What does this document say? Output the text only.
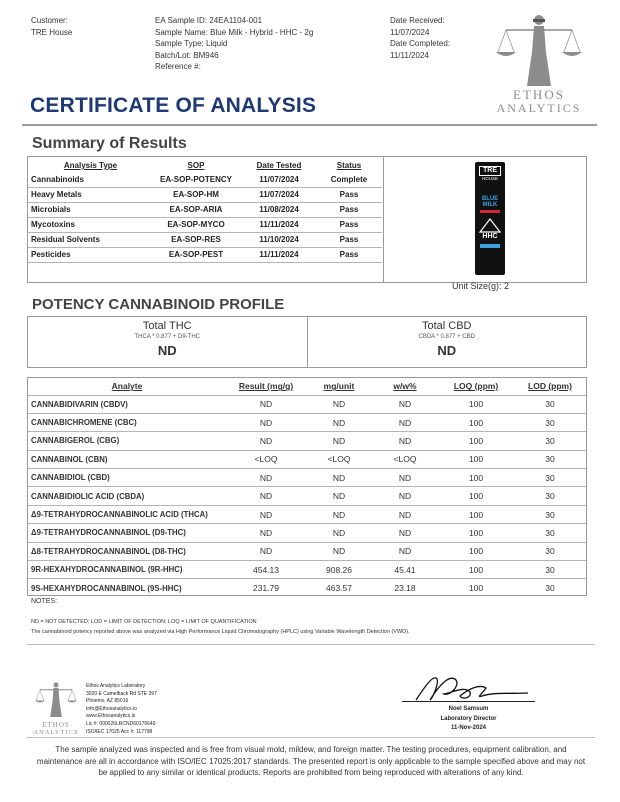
Customer:
TRE House
EA Sample ID: 24EA1104-001
Sample Name: Blue Milk - Hybrid - HHC - 2g
Sample Type: Liquid
Batch/Lot: BM946
Reference #:
Date Received:
11/07/2024
Date Completed:
11/11/2024
ETHOS
ANALYTICS
CERTIFICATE OF ANALYSIS
Summary of Results
Analysis Type	SOP	Date Tested	Status
Cannabinoids	EA-SOP-POTENCY	11/07/2024	Complete
Heavy Metals	EA-SOP-HM	11/07/2024	Pass
Microbials	EA-SOP-ARIA	11/08/2024	Pass
Mycotoxins	EA-SOP-MYCO	11/11/2024	Pass
Residual Solvents	EA-SOP-RES	11/10/2024	Pass
Pesticides	EA-SOP-PEST	11/11/2024	Pass
TRE
HOUSE
BLUE
MILK
HHC
Unit Size(g): 2
POTENCY CANNABINOID PROFILE
Total THC
THCA * 0.877 + D9-THC
ND
Total CBD
CBDA * 0.877 + CBD
ND
Analyte	Result (mg/g)	mg/unit	w/w%	LOQ (ppm)	LOD (ppm)
CANNABIDIVARIN (CBDV)	ND	ND	ND	100	30
CANNABICHROMENE (CBC)	ND	ND	ND	100	30
CANNABIGEROL (CBG)	ND	ND	ND	100	30
CANNABINOL (CBN)	<LOQ	<LOQ	<LOQ	100	30
CANNABIDIOL (CBD)	ND	ND	ND	100	30
CANNABIDIOLIC ACID (CBDA)	ND	ND	ND	100	30
Δ9-TETRAHYDROCANNABINOLIC ACID (THCA)	ND	ND	ND	100	30
Δ9-TETRAHYDROCANNABINOL (D9-THC)	ND	ND	ND	100	30
Δ8-TETRAHYDROCANNABINOL (D8-THC)	ND	ND	ND	100	30
9R-HEXAHYDROCANNABINOL (9R-HHC)	454.13	908.26	45.41	100	30
9S-HEXAHYDROCANNABINOL (9S-HHC)	231.79	463.57	23.18	100	30
NOTES:
ND = NOT DETECTED; LOD = LIMIT OF DETECTION; LOQ = LIMIT OF QUANTIFICATION
The cannabinoid potency reported above was analyzed via High Performance Liquid Chromatography (HPLC) using Variable Wavelength Detection (VWD).
ETHOS
ANALYTICS
Ethos Analytics Laboratory
3020 E Camelback Rd STE 397
Phoenix, AZ 85016
Info@Ethosanalytics.io
www.Ethosanalytics.io
Lic #: 000026LRCND60176649
ISO/IEC 17025 Acc #: 117798
Noel Samsum
Laboratory Director
11-Nov-2024
The sample analyzed was inspected and is free from visual mold, mildew, and foreign matter. The testing procedures, equipment calibration, and maintenance are all in accordance with ISO/IEC 17025:2017 standards. The presented report is only applicable to the sample specified above and may not be applied to any similar or identical products. Reports are prohibited from being reproduced with alterations of any kind.
